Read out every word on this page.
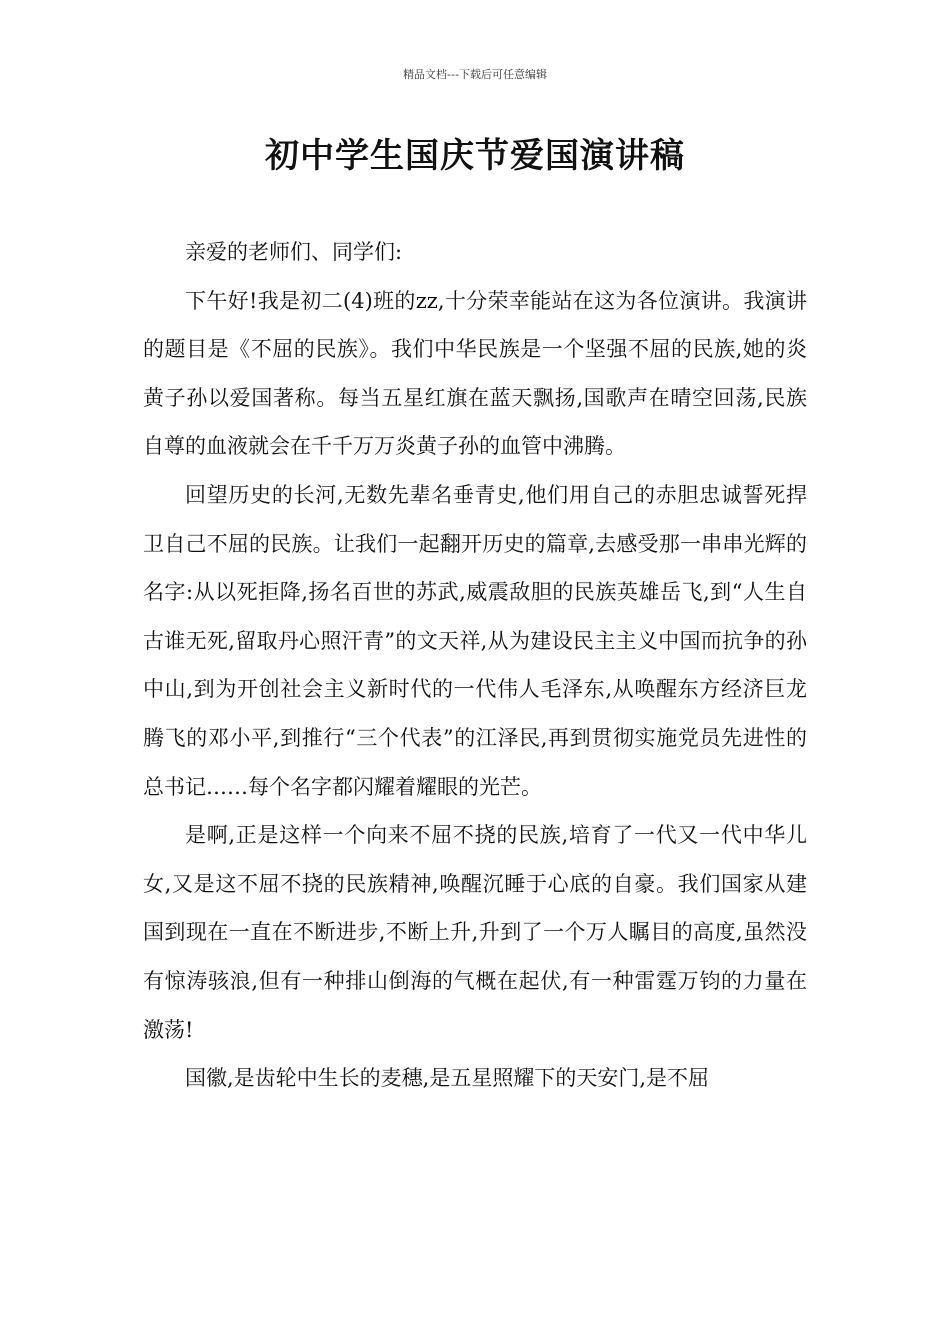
精品文档---下载后可任意编辑
初中学生国庆节爱国演讲稿

亲爱的老师们、同学们:

下午好!我是初二(4)班的zz,十分荣幸能站在这为各位演讲。我演讲的题目是《不屈的民族》。我们中华民族是一个坚强不屈的民族,她的炎黄子孙以爱国著称。每当五星红旗在蓝天飘扬,国歌声在晴空回荡,民族自尊的血液就会在千千万万炎黄子孙的血管中沸腾。

回望历史的长河,无数先辈名垂青史,他们用自己的赤胆忠诚誓死捍卫自己不屈的民族。让我们一起翻开历史的篇章,去感受那一串串光辉的名字:从以死拒降,扬名百世的苏武,威震敌胆的民族英雄岳飞,到“人生自古谁无死,留取丹心照汗青”的文天祥,从为建设民主主义中国而抗争的孙中山,到为开创社会主义新时代的一代伟人毛泽东,从唤醒东方经济巨龙腾飞的邓小平,到推行“三个代表”的江泽民,再到贯彻实施党员先进性的总书记……每个名字都闪耀着耀眼的光芒。

是啊,正是这样一个向来不屈不挠的民族,培育了一代又一代中华儿女,又是这不屈不挠的民族精神,唤醒沉睡于心底的自豪。我们国家从建国到现在一直在不断进步,不断上升,升到了一个万人瞩目的高度,虽然没有惊涛骇浪,但有一种排山倒海的气概在起伏,有一种雷霆万钧的力量在激荡!

国徽,是齿轮中生长的麦穗,是五星照耀下的天安门,是不屈
